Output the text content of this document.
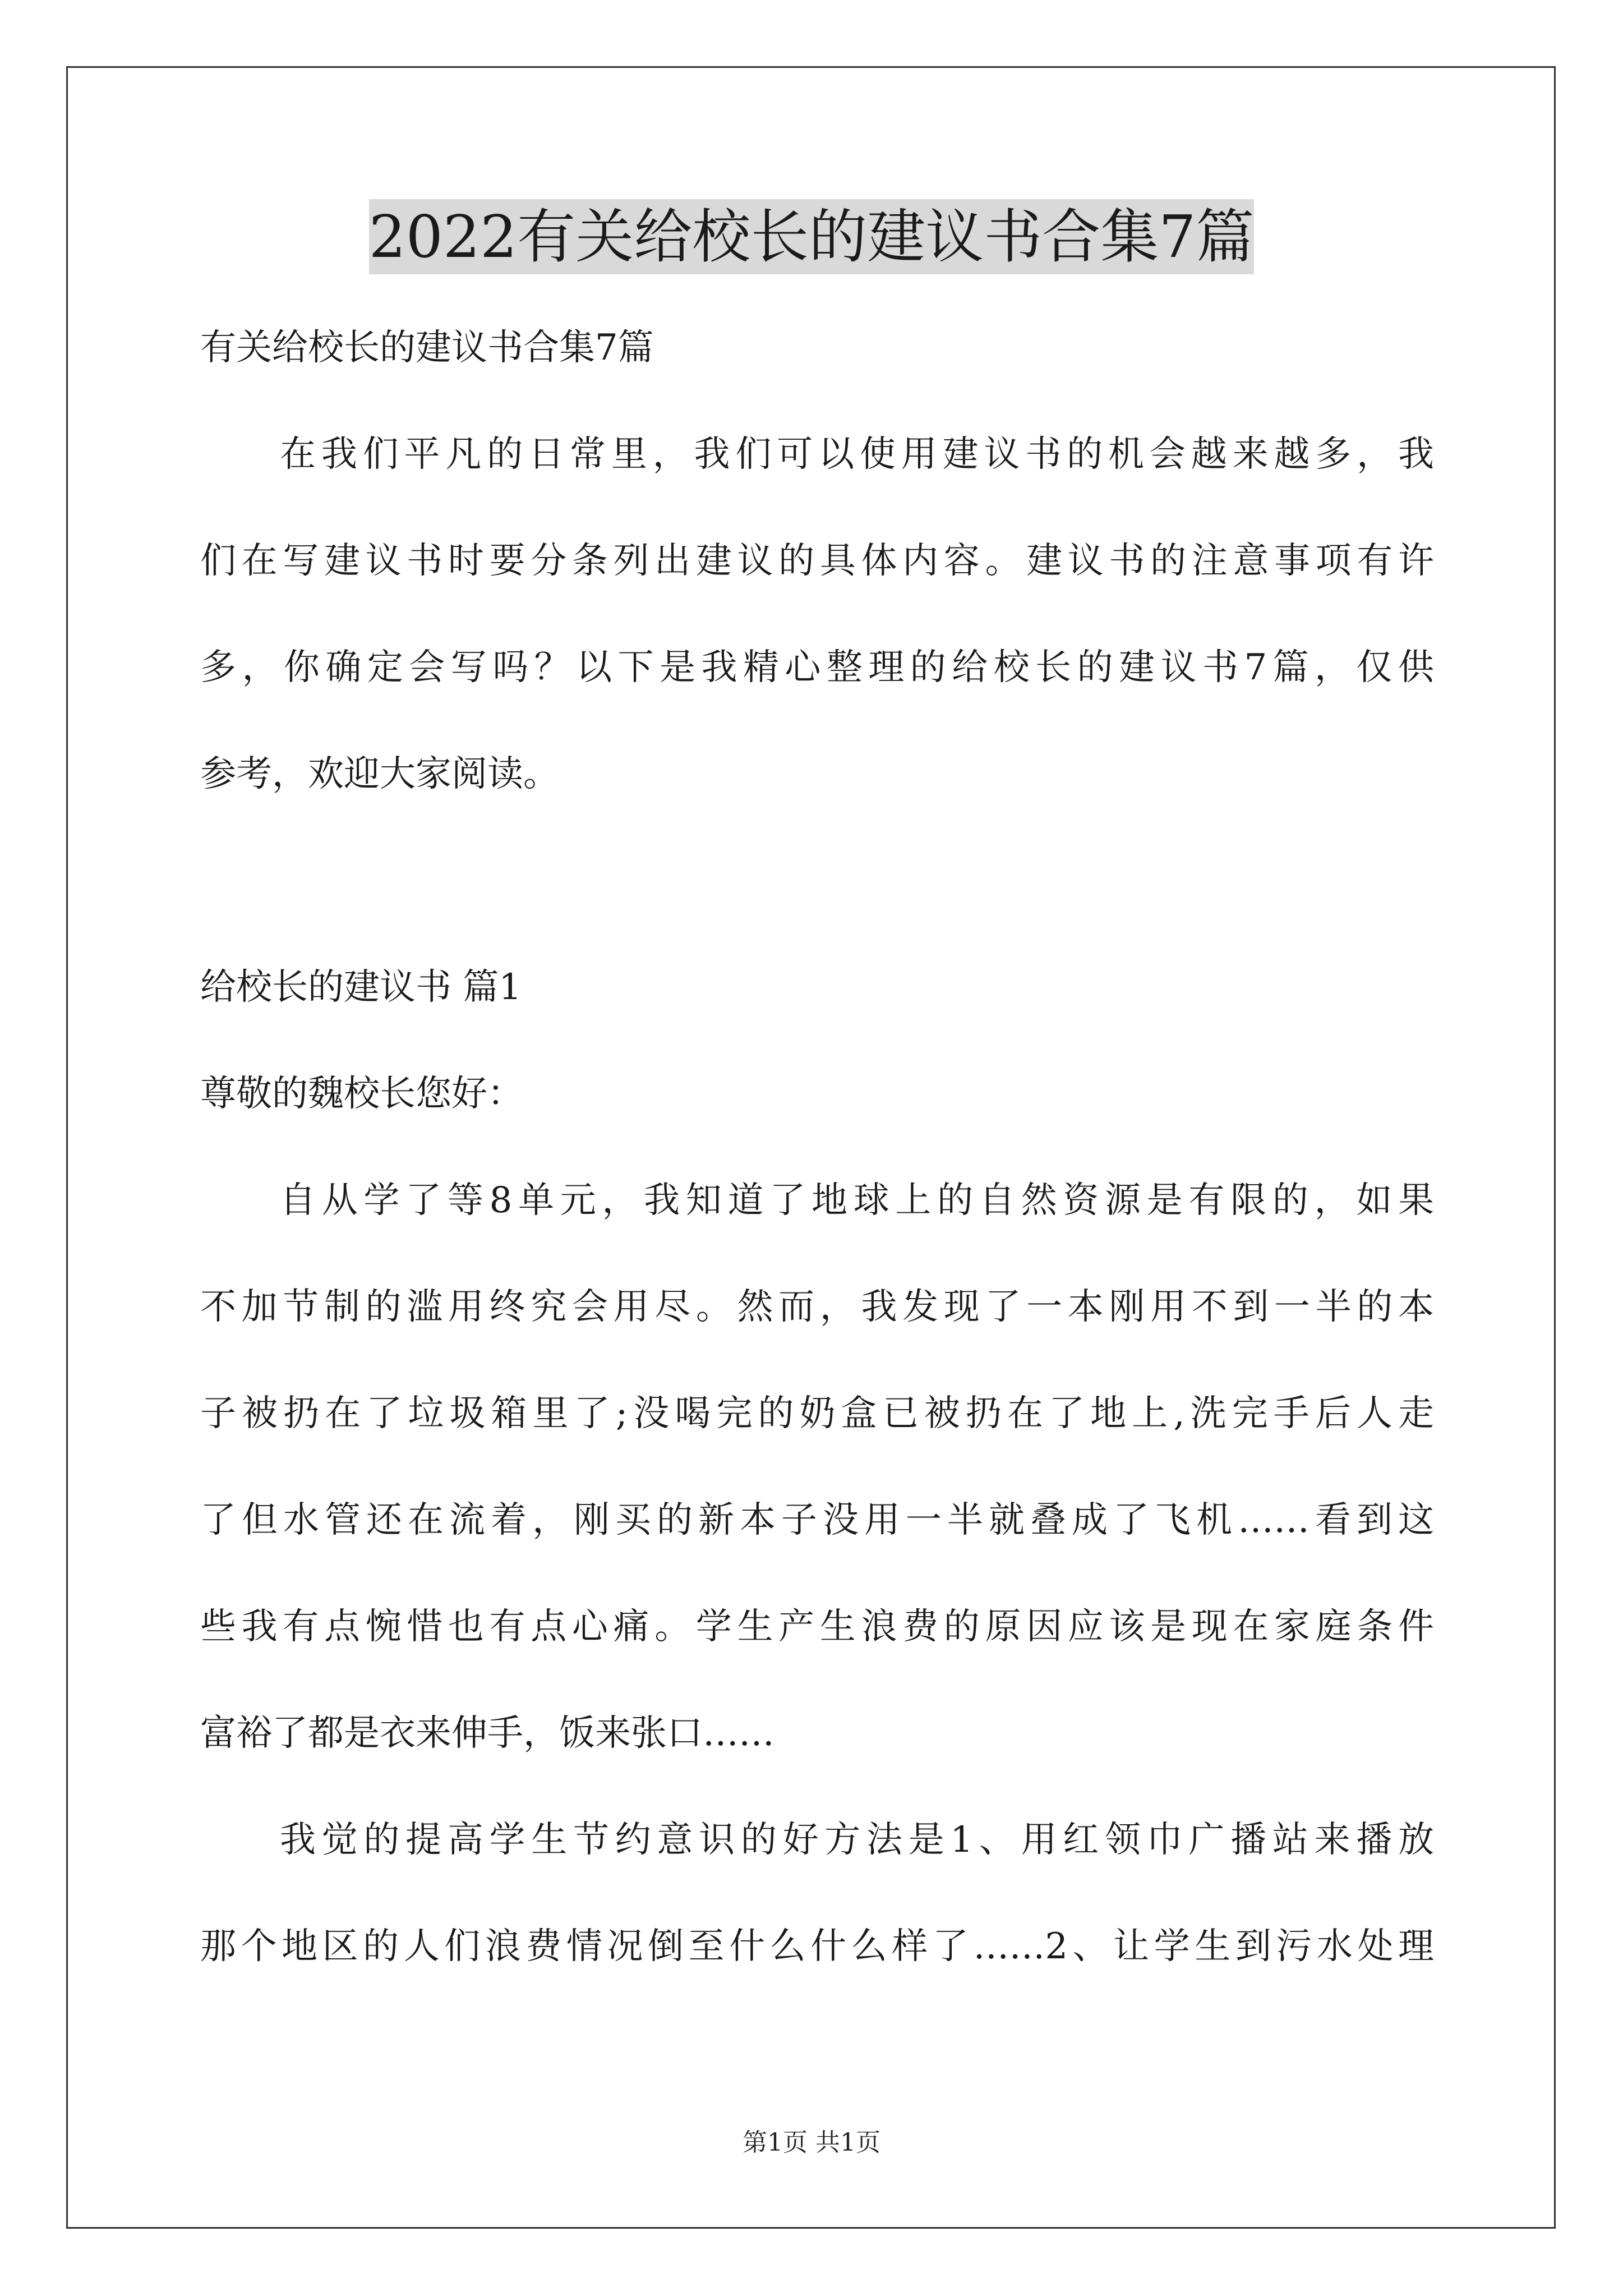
2022有关给校长的建议书合集7篇
有关给校长的建议书合集7篇
在我们平凡的日常里，我们可以使用建议书的机会越来越多，我
们在写建议书时要分条列出建议的具体内容。建议书的注意事项有许
多，你确定会写吗？以下是我精心整理的给校长的建议书7篇，仅供
参考，欢迎大家阅读。
给校长的建议书 篇1
尊敬的魏校长您好：
自从学了等8单元，我知道了地球上的自然资源是有限的，如果
不加节制的滥用终究会用尽。然而，我发现了一本刚用不到一半的本
子被扔在了垃圾箱里了;没喝完的奶盒已被扔在了地上,洗完手后人走
了但水管还在流着，刚买的新本子没用一半就叠成了飞机……看到这
些我有点惋惜也有点心痛。学生产生浪费的原因应该是现在家庭条件
富裕了都是衣来伸手，饭来张口……
我觉的提高学生节约意识的好方法是1、用红领巾广播站来播放
那个地区的人们浪费情况倒至什么什么样了……2、让学生到污水处理
第1页 共1页
